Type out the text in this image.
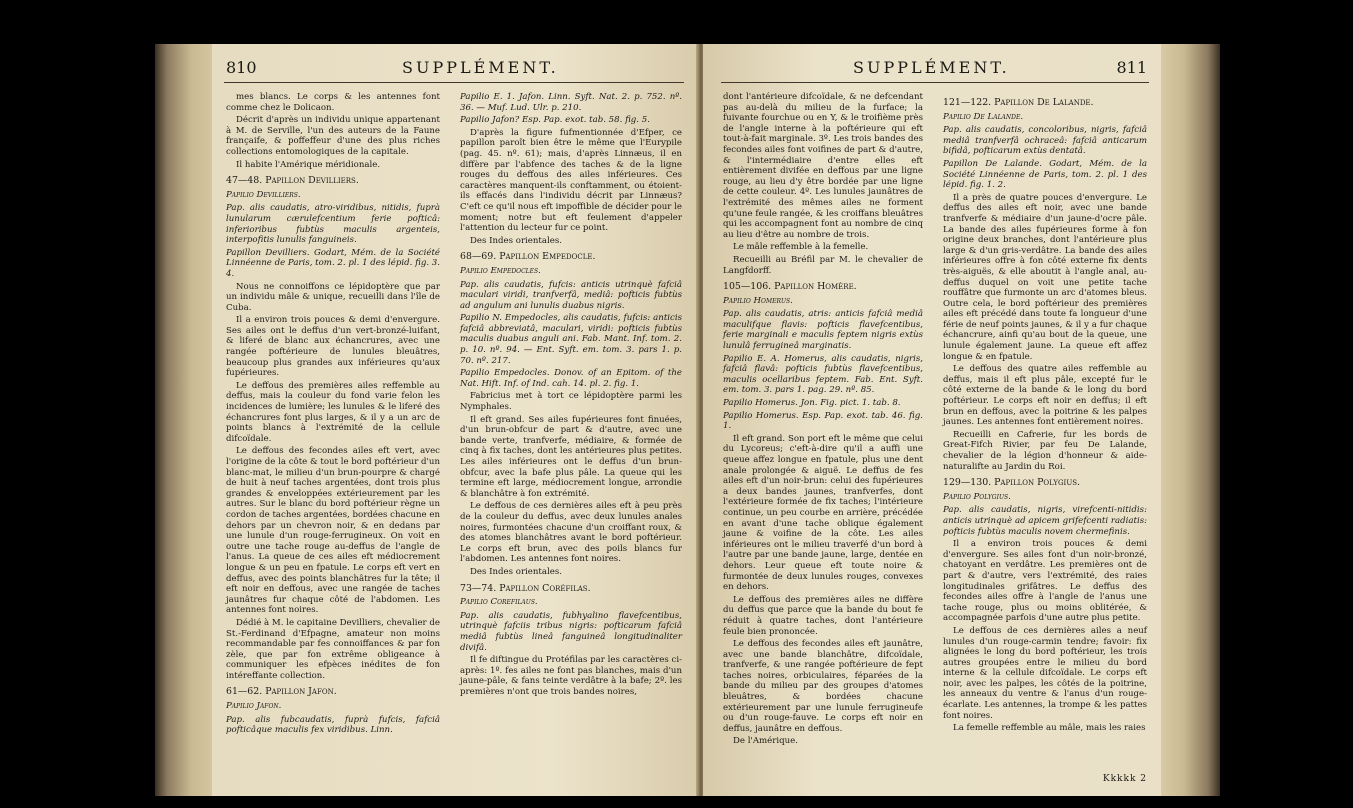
810	SUPPLÉMENT.

mes blancs. Le corps & les antennes font comme chez le Dolicaon.

Décrit d'après un individu unique appartenant à M. de Serville, l'un des auteurs de la Faune françaife, & poffeffeur d'une des plus riches collections entomologiques de la capitale.

Il habite l'Amérique méridionale.

47—48. Papillon Devilliers.

Papilio Devilliers.

Pap. alis caudatis, atro-viridibus, nitidis, fuprà lunularum cærulefcentium ferie pofticâ: inferioribus fubtùs maculis argenteis, interpofitis lunulis fanguineis.

Papillon Devilliers. Godart, Mém. de la Société Linnéenne de Paris, tom. 2. pl. 1 des lépid. fig. 3. 4.

Nous ne connoiffons ce lépidoptère que par un individu mâle & unique, recueilli dans l'île de Cuba.

Il a environ trois pouces & demi d'envergure. Ses ailes ont le deffus d'un vert-bronzé-luifant, & liferé de blanc aux échancrures, avec une rangée poftérieure de lunules bleuâtres, beaucoup plus grandes aux inférieures qu'aux fupérieures.

Le deffous des premières ailes reffemble au deffus, mais la couleur du fond varie felon les incidences de lumière; les lunules & le liferé des échancrures font plus larges, & il y a un arc de points blancs à l'extrémité de la cellule difcoïdale.

Le deffous des fecondes ailes eft vert, avec l'origine de la côte & tout le bord poftérieur d'un blanc-mat, le milieu d'un brun-pourpre & chargé de huit à neuf taches argentées, dont trois plus grandes & enveloppées extérieurement par les autres. Sur le blanc du bord poftérieur règne un cordon de taches argentées, bordées chacune en dehors par un chevron noir, & en dedans par une lunule d'un rouge-ferrugineux. On voit en outre une tache rouge au-deffus de l'angle de l'anus. La queue de ces ailes eft médiocrement longue & un peu en fpatule. Le corps eft vert en deffus, avec des points blanchâtres fur la tête; il eft noir en deffous, avec une rangée de taches jaunâtres fur chaque côté de l'abdomen. Les antennes font noires.

Dédié à M. le capitaine Devilliers, chevalier de St.-Ferdinand d'Efpagne, amateur non moins recommandable par fes connoiffances & par fon zèle, que par fon extrême obligeance à communiquer les efpèces inédites de fon intéreffante collection.

61—62. Papillon Jafon.

Papilio Jafon.

Pap. alis fubcaudatis, fuprà fufcis, fafciâ pofticâque maculis fex viridibus. Linn.

Papilio E. 1. Jafon. Linn. Syft. Nat. 2. p. 752. nº. 36. — Muf. Lud. Ulr. p. 210.

Papilio Jafon? Esp. Pap. exot. tab. 58. fig. 5.

D'après la figure fufmentionnée d'Efper, ce papillon paroît bien être le même que l'Eurypile (pag. 45. nº. 61); mais, d'après Linnæus, il en diffère par l'abfence des taches & de la ligne rouges du deffous des ailes inférieures. Ces caractères manquent-ils conftamment, ou étoient-ils effacés dans l'individu décrit par Linnæus? C'eft ce qu'il nous eft impoffible de décider pour le moment; notre but eft feulement d'appeler l'attention du lecteur fur ce point.

Des Indes orientales.

68—69. Papillon Empedocle.

Papilio Empedocles.

Pap. alis caudatis, fufcis: anticis utrinquè fafciâ maculari viridi, tranfverfâ, mediâ: pofticis fubtùs ad angulum ani lunulis duabus nigris.

Papilio N. Empedocles, alis caudatis, fufcis: anticis fafciâ abbreviatâ, maculari, viridi: pofticis fubtùs maculis duabus anguli ani. Fab. Mant. Inf. tom. 2. p. 10. nº. 94. — Ent. Syft. em. tom. 3. pars 1. p. 70. nº. 217.

Papilio Empedocles. Donov. of an Epitom. of the Nat. Hift. Inf. of Ind. cah. 14. pl. 2. fig. 1.

Fabricius met à tort ce lépidoptère parmi les Nymphales.

Il eft grand. Ses ailes fupérieures font finuées, d'un brun-obfcur de part & d'autre, avec une bande verte, tranfverfe, médiaire, & formée de cinq à fix taches, dont les antérieures plus petites. Les ailes inférieures ont le deffus d'un brun-obfcur, avec la bafe plus pâle. La queue qui les termine eft large, médiocrement longue, arrondie & blanchâtre à fon extrémité.

Le deffous de ces dernières ailes eft à peu près de la couleur du deffus, avec deux lunules anales noires, furmontées chacune d'un croiffant roux, & des atomes blanchâtres avant le bord poftérieur. Le corps eft brun, avec des poils blancs fur l'abdomen. Les antennes font noires.

Des Indes orientales.

73—74. Papillon Coréfilas.

Papilio Corefilaus.

Pap. alis caudatis, fubhyalino flavefcentibus, utrinquè fafciis tribus nigris: pofticarum fafciâ mediâ fubtùs lineâ fanguineâ longitudinaliter divifâ.

Il fe diftingue du Protéfilas par les caractères ci-après: 1º. fes ailes ne font pas blanches, mais d'un jaune-pâle, & fans teinte verdâtre à la bafe; 2º. les premières n'ont que trois bandes noires,

SUPPLÉMENT.	811

dont l'antérieure difcoïdale, & ne defcendant pas au-delà du milieu de la furface; la fuivante fourchue ou en Y, & le troifième près de l'angle interne à la poftérieure qui eft tout-à-fait marginale. 3º. Les trois bandes des fecondes ailes font voifines de part & d'autre, & l'intermédiaire d'entre elles eft entièrement divifée en deffous par une ligne rouge, au lieu d'y être bordée par une ligne de cette couleur. 4º. Les lunules jaunâtres de l'extrémité des mêmes ailes ne forment qu'une feule rangée, & les croiffans bleuâtres qui les accompagnent font au nombre de cinq au lieu d'être au nombre de trois.

Le mâle reffemble à la femelle.

Recueilli au Bréfil par M. le chevalier de Langfdorff.

105—106. Papillon Homère.

Papilio Homerus.

Pap. alis caudatis, atris: anticis fafciâ mediâ maculifque flavis: pofticis flavefcentibus, ferie marginali e maculis feptem nigris extùs lunulâ ferrugineâ marginatis.

Papilio E. A. Homerus, alis caudatis, nigris, fafciâ flavâ: pofticis fubtùs flavefcentibus, maculis ocellaribus feptem. Fab. Ent. Syft. em. tom. 3. pars 1. pag. 29. nº. 85.

Papilio Homerus. Jon. Fig. pict. 1. tab. 8.

Papilio Homerus. Esp. Pap. exot. tab. 46. fig. 1.

Il eft grand. Son port eft le même que celui du Lycoreus; c'eft-à-dire qu'il a auffi une queue affez longue en fpatule, plus une dent anale prolongée & aiguë. Le deffus de fes ailes eft d'un noir-brun: celui des fupérieures a deux bandes jaunes, tranfverfes, dont l'extérieure formée de fix taches; l'intérieure continue, un peu courbe en arrière, précédée en avant d'une tache oblique également jaune & voifine de la côte. Les ailes inférieures ont le milieu traverfé d'un bord à l'autre par une bande jaune, large, dentée en dehors. Leur queue eft toute noire & furmontée de deux lunules rouges, convexes en dehors.

Le deffous des premières ailes ne diffère du deffus que parce que la bande du bout fe réduit à quatre taches, dont l'antérieure feule bien prononcée.

Le deffous des fecondes ailes eft jaunâtre, avec une bande blanchâtre, difcoïdale, tranfverfe, & une rangée poftérieure de fept taches noires, orbiculaires, féparées de la bande du milieu par des groupes d'atomes bleuâtres, & bordées chacune extérieurement par une lunule ferrugineufe ou d'un rouge-fauve. Le corps eft noir en deffus, jaunâtre en deffous.

De l'Amérique.

121—122. Papillon De Lalande.

Papilio De Lalande.

Pap. alis caudatis, concoloribus, nigris, fafciâ mediâ tranfverfâ ochraceâ: fafciâ anticarum bifidâ, pofticarum extùs dentatâ.

Papillon De Lalande. Godart, Mém. de la Société Linnéenne de Paris, tom. 2. pl. 1 des lépid. fig. 1. 2.

Il a près de quatre pouces d'envergure. Le deffus des ailes eft noir, avec une bande tranfverfe & médiaire d'un jaune-d'ocre pâle. La bande des ailes fupérieures forme à fon origine deux branches, dont l'antérieure plus large & d'un gris-verdâtre. La bande des ailes inférieures offre à fon côté externe fix dents très-aiguës, & elle aboutit à l'angle anal, au-deffus duquel on voit une petite tache rouffâtre que furmonte un arc d'atomes bleus. Outre cela, le bord poftérieur des premières ailes eft précédé dans toute fa longueur d'une férie de neuf points jaunes, & il y a fur chaque échancrure, ainfi qu'au bout de la queue, une lunule également jaune. La queue eft affez longue & en fpatule.

Le deffous des quatre ailes reffemble au deffus, mais il eft plus pâle, excepté fur le côté externe de la bande & le long du bord poftérieur. Le corps eft noir en deffus; il eft brun en deffous, avec la poitrine & les palpes jaunes. Les antennes font entièrement noires.

Recueilli en Cafrerie, fur les bords de Great-Fifch Rivier, par feu De Lalande, chevalier de la légion d'honneur & aide-naturalifte au Jardin du Roi.

129—130. Papillon Polygius.

Papilio Polygius.

Pap. alis caudatis, nigris, virefcenti-nitidis: anticis utrinquè ad apicem grifefcenti radiatis: pofticis fubtùs maculis novem chermefinis.

Il a environ trois pouces & demi d'envergure. Ses ailes font d'un noir-bronzé, chatoyant en verdâtre. Les premières ont de part & d'autre, vers l'extrémité, des raies longitudinales grifâtres. Le deffus des fecondes ailes offre à l'angle de l'anus une tache rouge, plus ou moins oblitérée, & accompagnée parfois d'une autre plus petite.

Le deffous de ces dernières ailes a neuf lunules d'un rouge-carmin tendre; favoir: fix alignées le long du bord poftérieur, les trois autres groupées entre le milieu du bord interne & la cellule difcoïdale. Le corps eft noir, avec les palpes, les côtés de la poitrine, les anneaux du ventre & l'anus d'un rouge-écarlate. Les antennes, la trompe & les pattes font noires.

La femelle reffemble au mâle, mais les raies

Kkkkk 2
